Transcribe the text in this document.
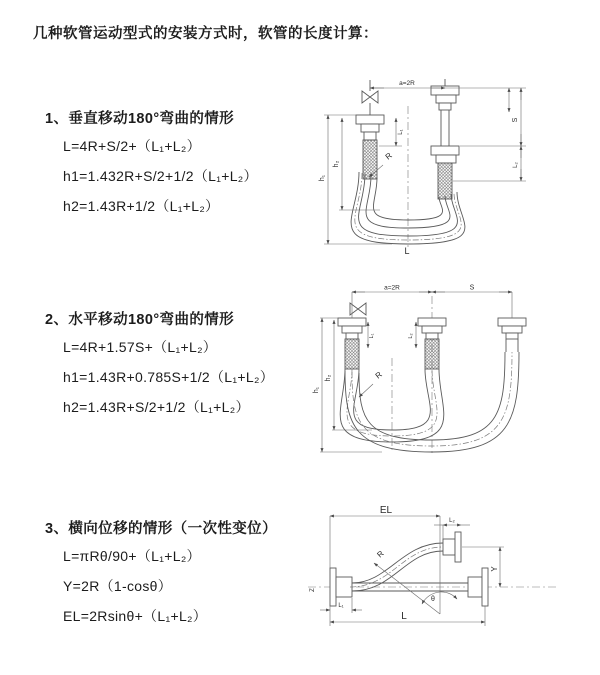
几种软管运动型式的安装方式时，软管的长度计算：
1、垂直移动180°弯曲的情形
L=4R+S/2+（L₁+L₂）
h1=1.432R+S/2+1/2（L₁+L₂）
h2=1.43R+1/2（L₁+L₂）
2、水平移动180°弯曲的情形
L=4R+1.57S+（L₁+L₂）
h1=1.43R+0.785S+1/2（L₁+L₂）
h2=1.43R+S/2+1/2（L₁+L₂）
3、横向位移的情形（一次性变位）
L=πRθ/90+（L₁+L₂）
Y=2R（1-cosθ）
EL=2Rsinθ+（L₁+L₂）
a=2R
S
L₂
h₁
h₂
L₁
R
L
a=2R	S
h₁
h₂
L₁	L₂
R
EL
L₂
Y
L
L₁
Z
R
θ
